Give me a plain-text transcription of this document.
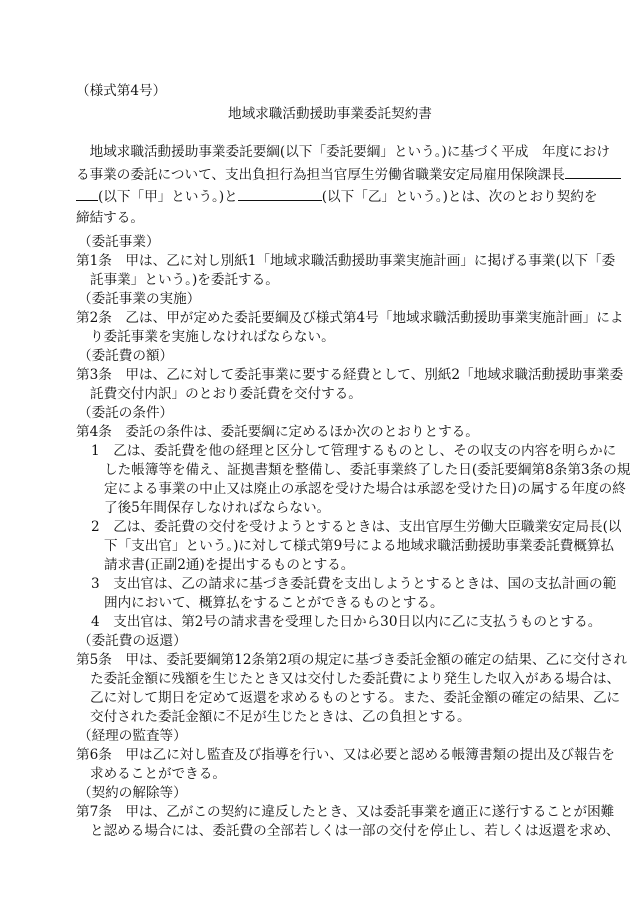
（様式第4号）
地域求職活動援助事業委託契約書
　地域求職活動援助事業委託要綱(以下「委託要綱」という。)に基づく平成　年度におけ
る事業の委託について、支出負担行為担当官厚生労働省職業安定局雇用保険課長
(以下「甲」という。)と	(以下「乙」という。)とは、次のとおり契約を
締結する。
（委託事業）
第1条　甲は、乙に対し別紙1「地域求職活動援助事業実施計画」に掲げる事業(以下「委
託事業」という。)を委託する。
（委託事業の実施）
第2条　乙は、甲が定めた委託要綱及び様式第4号「地域求職活動援助事業実施計画」によ
り委託事業を実施しなければならない。
（委託費の額）
第3条　甲は、乙に対して委託事業に要する経費として、別紙2「地域求職活動援助事業委
託費交付内訳」のとおり委託費を交付する。
（委託の条件）
第4条　委託の条件は、委託要綱に定めるほか次のとおりとする。
1　乙は、委託費を他の経理と区分して管理するものとし、その収支の内容を明らかに
した帳簿等を備え、証拠書類を整備し、委託事業終了した日(委託要綱第8条第3条の規
定による事業の中止又は廃止の承認を受けた場合は承認を受けた日)の属する年度の終
了後5年間保存しなければならない。
2　乙は、委託費の交付を受けようとするときは、支出官厚生労働大臣職業安定局長(以
下「支出官」という。)に対して様式第9号による地域求職活動援助事業委託費概算払
請求書(正副2通)を提出するものとする。
3　支出官は、乙の請求に基づき委託費を支出しようとするときは、国の支払計画の範
囲内において、概算払をすることができるものとする。
4　支出官は、第2号の請求書を受理した日から30日以内に乙に支払うものとする。
（委託費の返還）
第5条　甲は、委託要綱第12条第2項の規定に基づき委託金額の確定の結果、乙に交付され
た委託金額に残額を生じたとき又は交付した委託費により発生した収入がある場合は、
乙に対して期日を定めて返還を求めるものとする。また、委託金額の確定の結果、乙に
交付された委託金額に不足が生じたときは、乙の負担とする。
（経理の監査等）
第6条　甲は乙に対し監査及び指導を行い、又は必要と認める帳簿書類の提出及び報告を
求めることができる。
（契約の解除等）
第7条　甲は、乙がこの契約に違反したとき、又は委託事業を適正に遂行することが困難
と認める場合には、委託費の全部若しくは一部の交付を停止し、若しくは返還を求め、
